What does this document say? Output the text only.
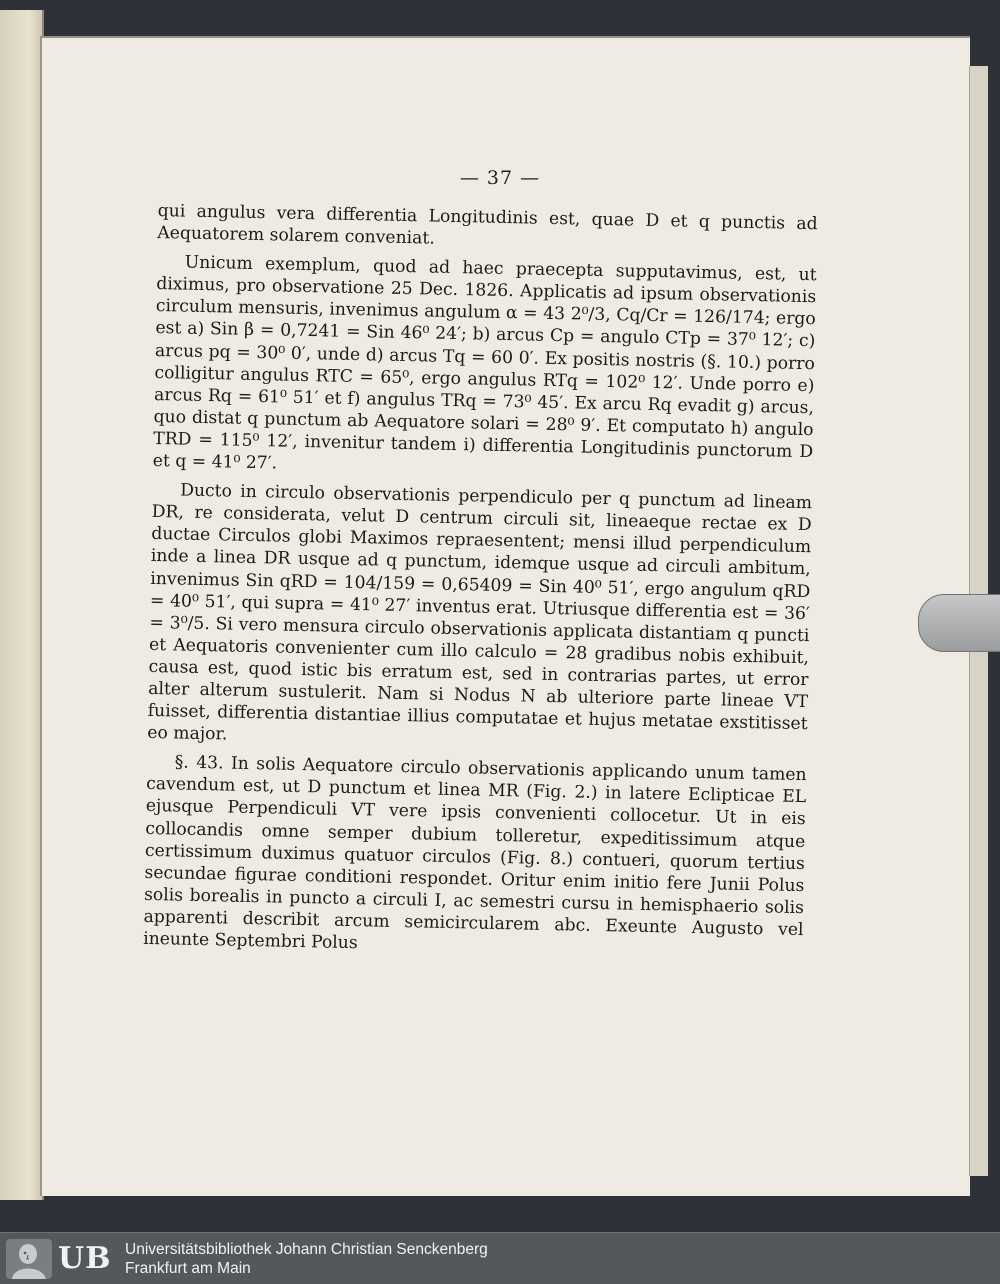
— 37 —

qui angulus vera differentia Longitudinis est, quae D et q punctis ad Aequatorem solarem conveniat.

Unicum exemplum, quod ad haec praecepta supputavimus, est, ut diximus, pro observatione 25 Dec. 1826. Applicatis ad ipsum observationis circulum mensuris, invenimus angulum α = 43 2⁰/3, Cq/Cr = 126/174; ergo est a) Sin β = 0,7241 = Sin 46⁰ 24′; b) arcus Cp = angulo CTp = 37⁰ 12′; c) arcus pq = 30⁰ 0′, unde d) arcus Tq = 60 0′. Ex positis nostris (§. 10.) porro colligitur angulus RTC = 65⁰, ergo angulus RTq = 102⁰ 12′. Unde porro e) arcus Rq = 61⁰ 51′ et f) angulus TRq = 73⁰ 45′. Ex arcu Rq evadit g) arcus, quo distat q punctum ab Aequatore solari = 28⁰ 9′. Et computato h) angulo TRD = 115⁰ 12′, invenitur tandem i) differentia Longitudinis punctorum D et q = 41⁰ 27′.

Ducto in circulo observationis perpendiculo per q punctum ad lineam DR, re considerata, velut D centrum circuli sit, lineaeque rectae ex D ductae Circulos globi Maximos repraesentent; mensi illud perpendiculum inde a linea DR usque ad q punctum, idemque usque ad circuli ambitum, invenimus Sin qRD = 104/159 = 0,65409 = Sin 40⁰ 51′, ergo angulum qRD = 40⁰ 51′, qui supra = 41⁰ 27′ inventus erat. Utriusque differentia est = 36′ = 3⁰/5. Si vero mensura circulo observationis applicata distantiam q puncti et Aequatoris convenienter cum illo calculo = 28 gradibus nobis exhibuit, causa est, quod istic bis erratum est, sed in contrarias partes, ut error alter alterum sustulerit. Nam si Nodus N ab ulteriore parte lineae VT fuisset, differentia distantiae illius computatae et hujus metatae exstitisset eo major.

§. 43. In solis Aequatore circulo observationis applicando unum tamen cavendum est, ut D punctum et linea MR (Fig. 2.) in latere Eclipticae EL ejusque Perpendiculi VT vere ipsis convenienti collocetur. Ut in eis collocandis omne semper dubium tolleretur, expeditissimum atque certissimum duximus quatuor circulos (Fig. 8.) contueri, quorum tertius secundae figurae conditioni respondet. Oritur enim initio fere Junii Polus solis borealis in puncto a circuli I, ac semestri cursu in hemisphaerio solis apparenti describit arcum semicircularem abc. Exeunte Augusto vel ineunte Septembri Polus

UB Universitätsbibliothek Johann Christian Senckenberg
Frankfurt am Main
